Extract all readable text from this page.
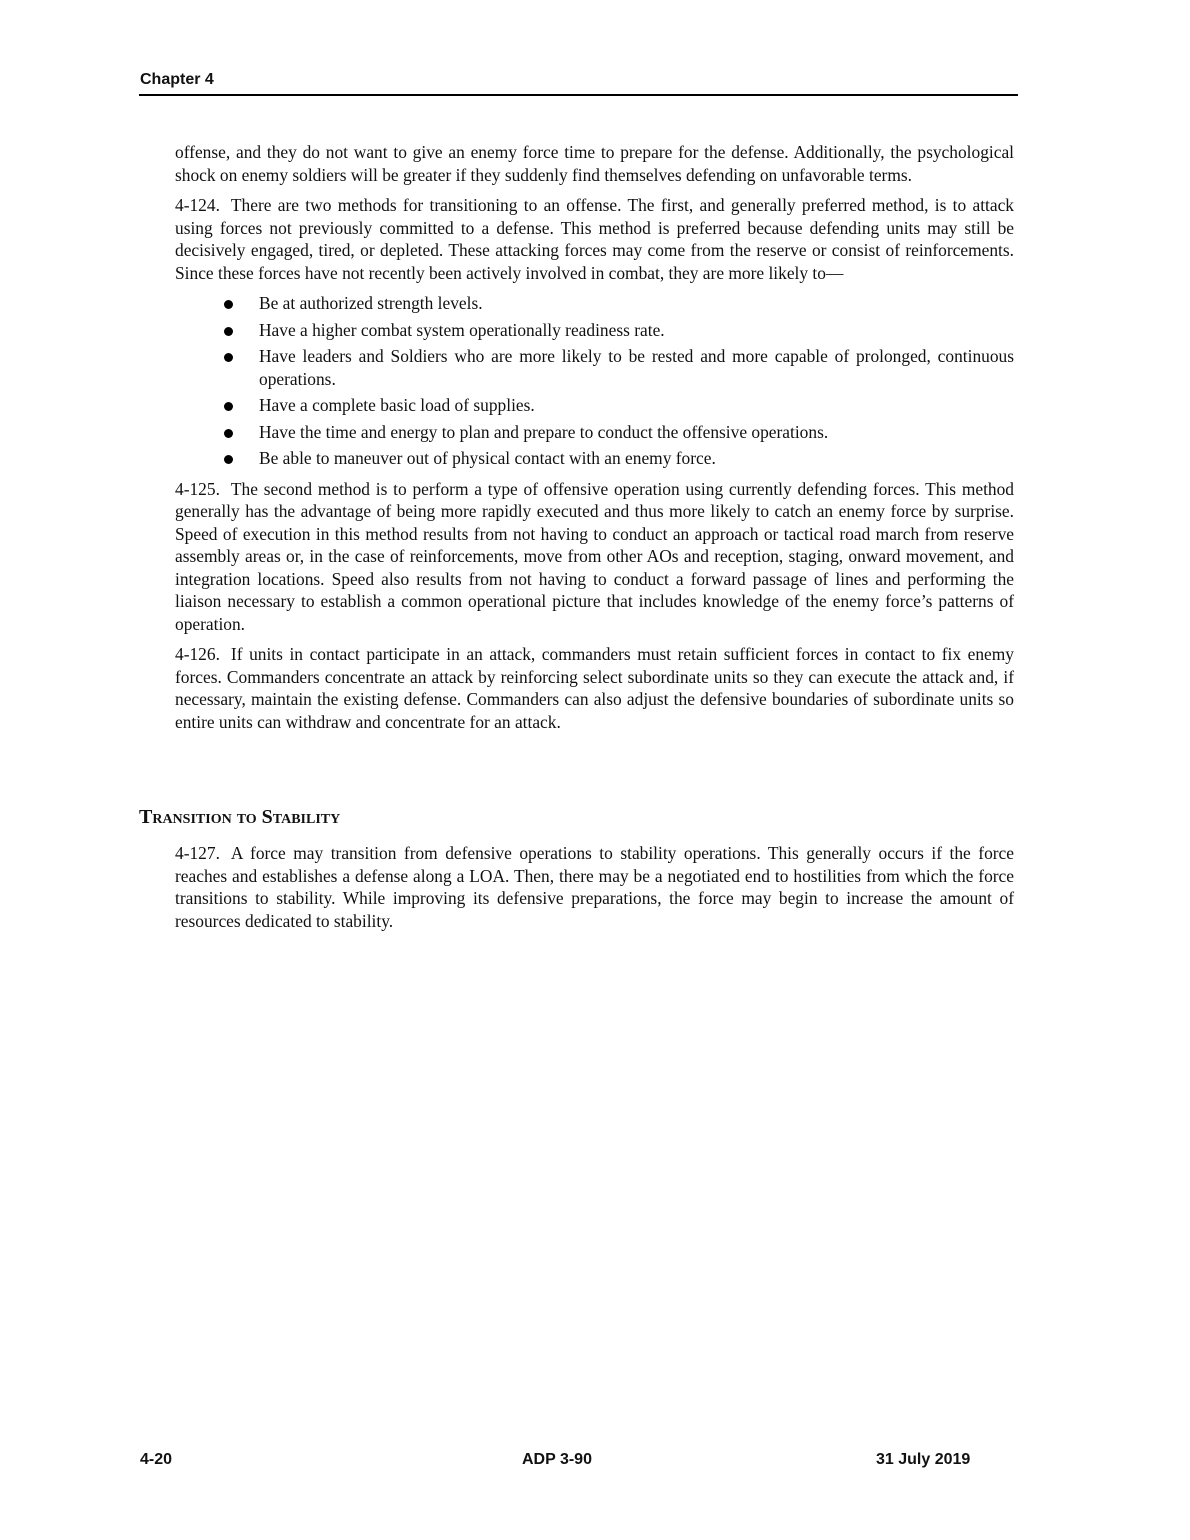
Chapter 4

offense, and they do not want to give an enemy force time to prepare for the defense. Additionally, the psychological shock on enemy soldiers will be greater if they suddenly find themselves defending on unfavorable terms.

4-124. There are two methods for transitioning to an offense. The first, and generally preferred method, is to attack using forces not previously committed to a defense. This method is preferred because defending units may still be decisively engaged, tired, or depleted. These attacking forces may come from the reserve or consist of reinforcements. Since these forces have not recently been actively involved in combat, they are more likely to—

Be at authorized strength levels.
Have a higher combat system operationally readiness rate.
Have leaders and Soldiers who are more likely to be rested and more capable of prolonged, continuous operations.
Have a complete basic load of supplies.
Have the time and energy to plan and prepare to conduct the offensive operations.
Be able to maneuver out of physical contact with an enemy force.

4-125. The second method is to perform a type of offensive operation using currently defending forces. This method generally has the advantage of being more rapidly executed and thus more likely to catch an enemy force by surprise. Speed of execution in this method results from not having to conduct an approach or tactical road march from reserve assembly areas or, in the case of reinforcements, move from other AOs and reception, staging, onward movement, and integration locations. Speed also results from not having to conduct a forward passage of lines and performing the liaison necessary to establish a common operational picture that includes knowledge of the enemy force’s patterns of operation.

4-126. If units in contact participate in an attack, commanders must retain sufficient forces in contact to fix enemy forces. Commanders concentrate an attack by reinforcing select subordinate units so they can execute the attack and, if necessary, maintain the existing defense. Commanders can also adjust the defensive boundaries of subordinate units so entire units can withdraw and concentrate for an attack.

Transition to Stability

4-127. A force may transition from defensive operations to stability operations. This generally occurs if the force reaches and establishes a defense along a LOA. Then, there may be a negotiated end to hostilities from which the force transitions to stability. While improving its defensive preparations, the force may begin to increase the amount of resources dedicated to stability.

4-20	ADP 3-90	31 July 2019
